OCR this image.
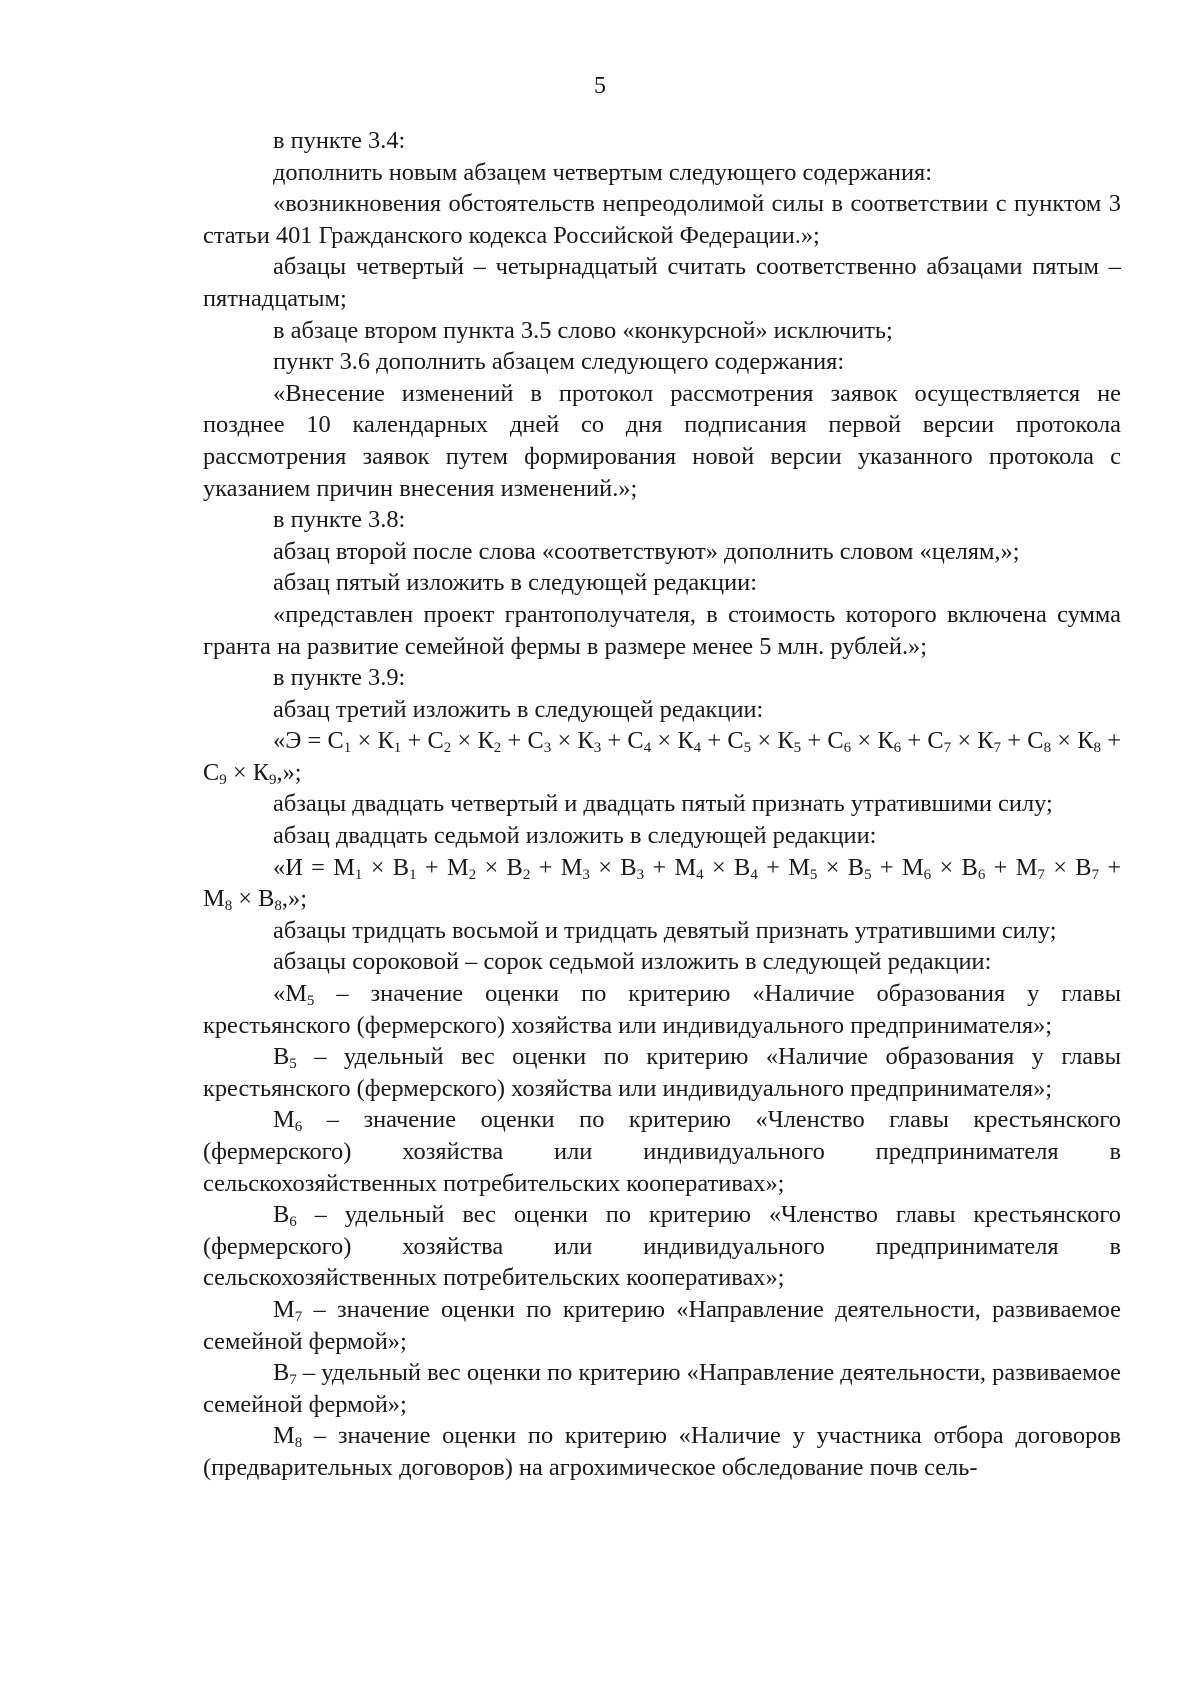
5

в пункте 3.4:

дополнить новым абзацем четвертым следующего содержания:

«возникновения обстоятельств непреодолимой силы в соответствии с пунктом 3 статьи 401 Гражданского кодекса Российской Федерации.»;

абзацы четвертый – четырнадцатый считать соответственно абзацами пятым – пятнадцатым;

в абзаце втором пункта 3.5 слово «конкурсной» исключить;

пункт 3.6 дополнить абзацем следующего содержания:

«Внесение изменений в протокол рассмотрения заявок осуществляется не позднее 10 календарных дней со дня подписания первой версии протокола рассмотрения заявок путем формирования новой версии указанного протокола с указанием причин внесения изменений.»;

в пункте 3.8:

абзац второй после слова «соответствуют» дополнить словом «целям,»;

абзац пятый изложить в следующей редакции:

«представлен проект грантополучателя, в стоимость которого включена сумма гранта на развитие семейной фермы в размере менее 5 млн. рублей.»;

в пункте 3.9:

абзац третий изложить в следующей редакции:

«$Э = С_1 \times К_1 + С_2 \times К_2 + С_3 \times К_3 + С_4 \times К_4 + С_5 \times К_5 + С_6 \times К_6 + С_7 \times К_7 + С_8 \times К_8 + С_9 \times К_9$,»;

абзацы двадцать четвертый и двадцать пятый признать утратившими силу;

абзац двадцать седьмой изложить в следующей редакции:

«$И = М_1 \times В_1 + М_2 \times В_2 + М_3 \times В_3 + М_4 \times В_4 + М_5 \times В_5 + М_6 \times В_6 + М_7 \times В_7 + М_8 \times В_8$,»;

абзацы тридцать восьмой и тридцать девятый признать утратившими силу;

абзацы сороковой – сорок седьмой изложить в следующей редакции:

«$М_5$ – значение оценки по критерию «Наличие образования у главы крестьянского (фермерского) хозяйства или индивидуального предпринимателя»;

$В_5$ – удельный вес оценки по критерию «Наличие образования у главы крестьянского (фермерского) хозяйства или индивидуального предпринимателя»;

$М_6$ – значение оценки по критерию «Членство главы крестьянского (фермерского) хозяйства или индивидуального предпринимателя в сельскохозяйственных потребительских кооперативах»;

$В_6$ – удельный вес оценки по критерию «Членство главы крестьянского (фермерского) хозяйства или индивидуального предпринимателя в сельскохозяйственных потребительских кооперативах»;

$М_7$ – значение оценки по критерию «Направление деятельности, развиваемое семейной фермой»;

$В_7$ – удельный вес оценки по критерию «Направление деятельности, развиваемое семейной фермой»;

$М_8$ – значение оценки по критерию «Наличие у участника отбора договоров (предварительных договоров) на агрохимическое обследование почв сель-
